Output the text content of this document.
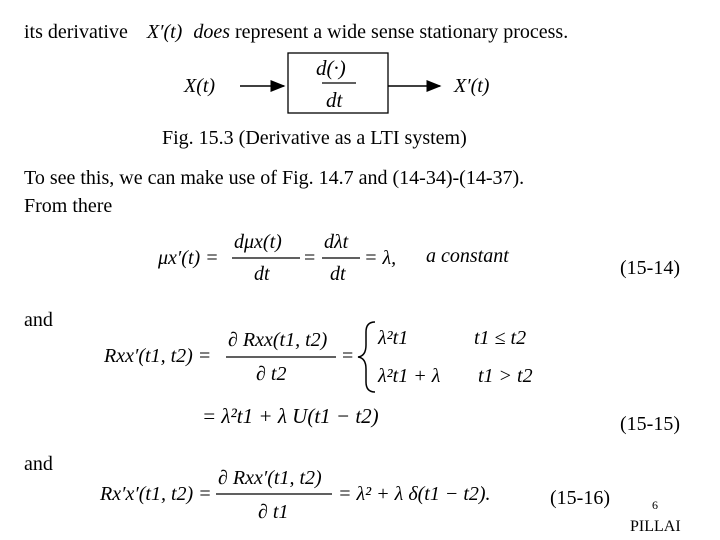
its derivative X′(t) does represent a wide sense stationary process.
X(t)
d(·)
dt
X′(t)
Fig. 15.3 (Derivative as a LTI system)
To see this, we can make use of Fig. 14.7 and (14-34)-(14-37).
From there
μx′(t) =
dμx(t)
dt
=
dλt
dt
= λ, a constant
(15-14)
and
Rxx′(t1, t2) =
∂ Rxx(t1, t2)
∂ t2
=
λ²t1	t1 ≤ t2
λ²t1 + λ t1 > t2
= λ²t1 + λ U(t1 − t2)	(15-15)
and
Rx′x′(t1, t2) =
∂ Rxx′(t1, t2)
∂ t1
= λ² + λ δ(t1 − t2).	(15-16)	6
PILLAI
